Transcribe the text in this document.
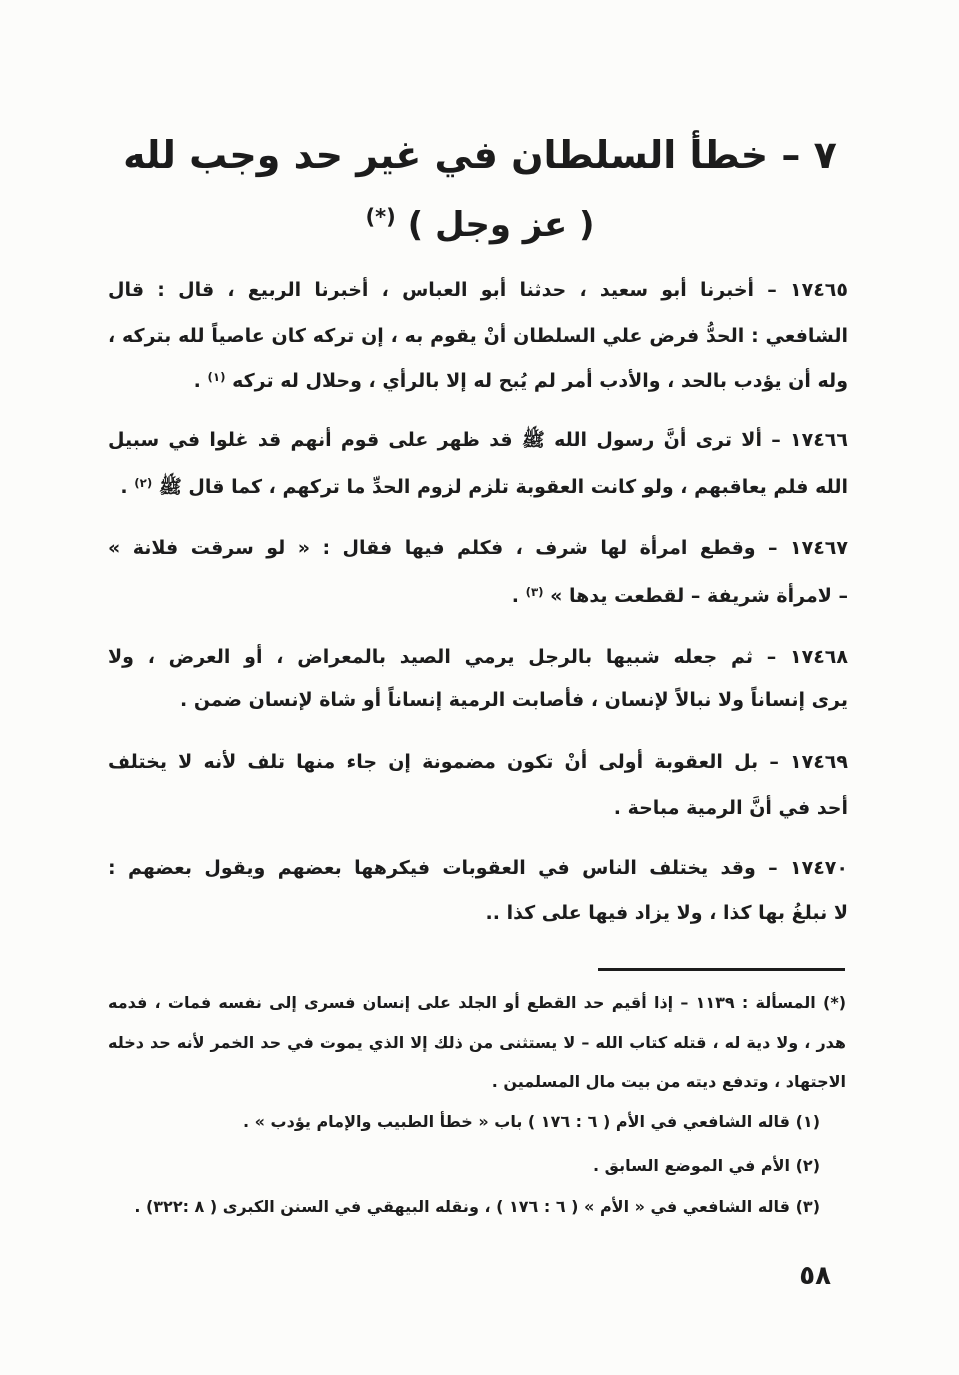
٧ – خطأ السلطان في غير حد وجب لله
( عز وجل ) (*)
١٧٤٦٥ – أخبرنا أبو سعيد ، حدثنا أبو العباس ، أخبرنا الربيع ، قال : قال
الشافعي : الحدُّ فرض علي السلطان أنْ يقوم به ، إن تركه كان عاصياً لله بتركه ،
وله أن يؤدب بالحد ، والأدب أمر لم يُبح له إلا بالرأي ، وحلال له تركه $^{(١)}$ .
١٧٤٦٦ – ألا ترى أنَّ رسول الله ﷺ قد ظهر على قوم أنهم قد غلوا في سبيل
الله فلم يعاقبهم ، ولو كانت العقوبة تلزم لزوم الحدِّ ما تركهم ، كما قال ﷺ $^{(٢)}$ .
١٧٤٦٧ – وقطع امرأة لها شرف ، فكلم فيها فقال : « لو سرقت فلانة »
– لامرأة شريفة – لقطعت يدها » $^{(٣)}$ .
١٧٤٦٨ – ثم جعله شبيها بالرجل يرمي الصيد بالمعراض ، أو العرض ، ولا
يرى إنساناً ولا نبالاً لإنسان ، فأصابت الرمية إنساناً أو شاة لإنسان ضمن .
١٧٤٦٩ – بل العقوبة أولى أنْ تكون مضمونة إن جاء منها تلف لأنه لا يختلف
أحد في أنَّ الرمية مباحة .
١٧٤٧٠ – وقد يختلف الناس في العقوبات فيكرهها بعضهم ويقول بعضهم :
لا نبلغُ بها كذا ، ولا يزاد فيها على كذا ..
(*) المسألة : ١١٣٩ – إذا أقيم حد القطع أو الجلد على إنسان فسرى إلى نفسه فمات ، فدمه
هدر ، ولا دية له ، قتله كتاب الله – لا يستثنى من ذلك إلا الذي يموت في حد الخمر لأنه حد دخله
الاجتهاد ، وتدفع ديته من بيت مال المسلمين .
(١) قاله الشافعي في الأم ( ٦ : ١٧٦ ) باب « خطأ الطبيب والإمام يؤدب » .
(٢) الأم في الموضع السابق .
(٣) قاله الشافعي في « الأم » ( ٦ : ١٧٦ ) ، ونقله البيهقي في السنن الكبرى ( ٨ :٣٢٢) .
٥٨
